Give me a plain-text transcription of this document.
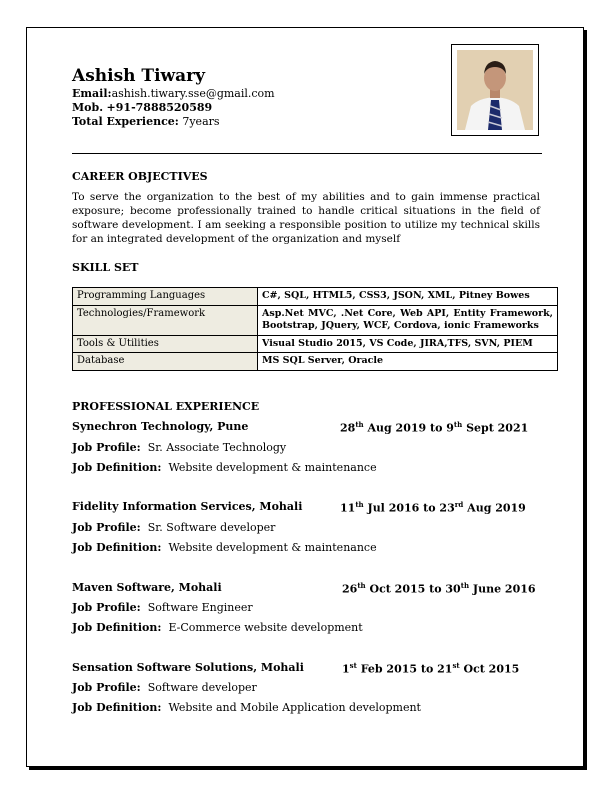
Ashish Tiwary
Email:ashish.tiwary.sse@gmail.com
Mob. +91-7888520589
Total Experience: 7years
CAREER OBJECTIVES
To serve the organization to the best of my abilities and to gain immense practical exposure; become professionally trained to handle critical situations in the field of software development. I am seeking a responsible position to utilize my technical skills for an integrated development of the organization and myself
SKILL SET
Programming Languages	C#, SQL, HTML5, CSS3, JSON, XML, Pitney Bowes
Technologies/Framework	Asp.Net MVC, .Net Core, Web API, Entity Framework, Bootstrap, JQuery, WCF, Cordova, ionic Frameworks
Tools & Utilities	Visual Studio 2015, VS Code, JIRA,TFS, SVN, PIEM
Database	MS SQL Server, Oracle
PROFESSIONAL EXPERIENCE
Synechron Technology, Pune	28th Aug 2019 to 9th Sept 2021
Job Profile: Sr. Associate Technology
Job Definition: Website development & maintenance
Fidelity Information Services, Mohali	11th Jul 2016 to 23rd Aug 2019
Job Profile: Sr. Software developer
Job Definition: Website development & maintenance
Maven Software, Mohali	26th Oct 2015 to 30th June 2016
Job Profile: Software Engineer
Job Definition: E-Commerce website development
Sensation Software Solutions, Mohali	1st Feb 2015 to 21st Oct 2015
Job Profile: Software developer
Job Definition: Website and Mobile Application development
